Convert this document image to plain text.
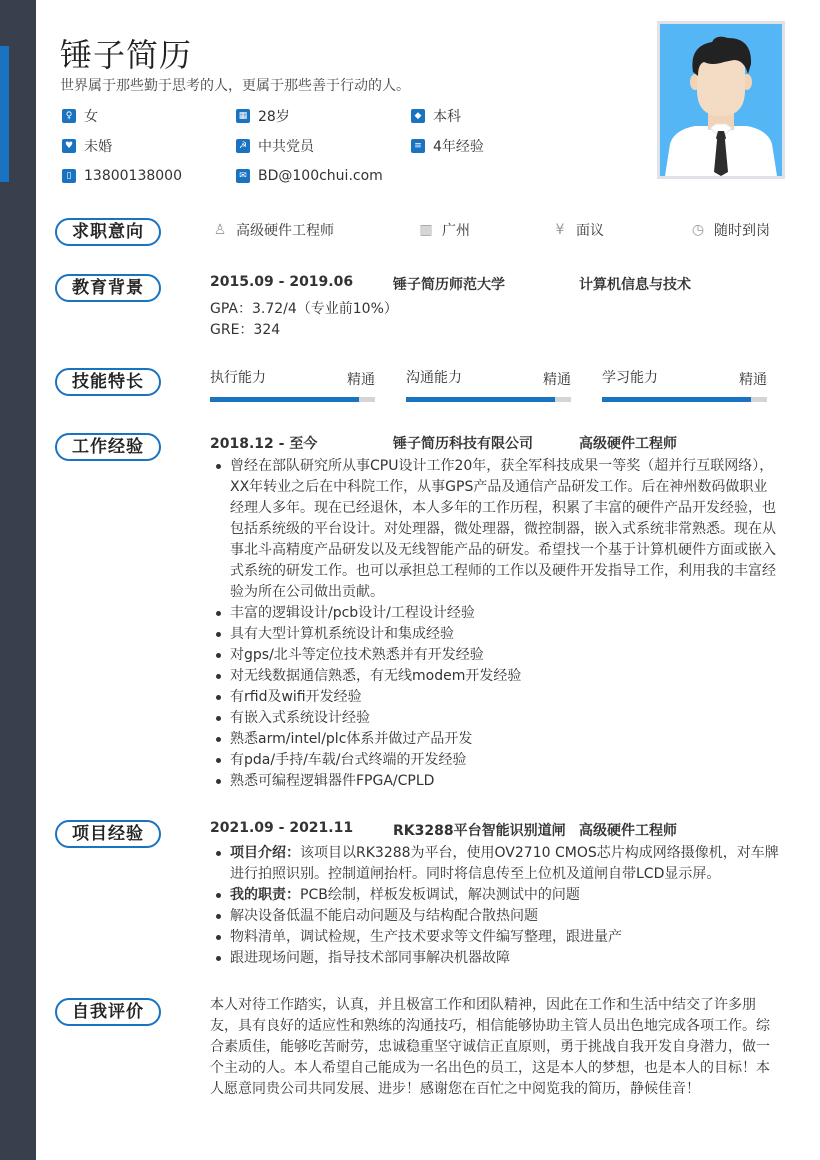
锤子简历
世界属于那些勤于思考的人，更属于那些善于行动的人。
♀ 女	▦ 28岁	◆ 本科
♥ 未婚	☭ 中共党员	≡ 4年经验
▯ 13800138000	✉ BD@100chui.com
求职意向	♙ 高级硬件工程师	▥ 广州	¥ 面议	◷ 随时到岗
教育背景	2015.09 - 2019.06	锤子简历师范大学	计算机信息与技术
GPA：3.72/4（专业前10%）
GRE：324
技能特长	执行能力	精通 沟通能力	精通 学习能力	精通
工作经验	2018.12 - 至今	锤子简历科技有限公司	高级硬件工程师
曾经在部队研究所从事CPU设计工作20年，获全军科技成果一等奖（超并行互联网络），XX年转业之后在中科院工作，从事GPS产品及通信产品研发工作。后在神州数码做职业经理人多年。现在已经退休，本人多年的工作历程，积累了丰富的硬件产品开发经验，也包括系统级的平台设计。对处理器，微处理器，微控制器，嵌入式系统非常熟悉。现在从事北斗高精度产品研发以及无线智能产品的研发。希望找一个基于计算机硬件方面或嵌入式系统的研发工作。也可以承担总工程师的工作以及硬件开发指导工作，利用我的丰富经验为所在公司做出贡献。
丰富的逻辑设计/pcb设计/工程设计经验
具有大型计算机系统设计和集成经验
对gps/北斗等定位技术熟悉并有开发经验
对无线数据通信熟悉，有无线modem开发经验
有rfid及wifi开发经验
有嵌入式系统设计经验
熟悉arm/intel/plc体系并做过产品开发
有pda/手持/车载/台式终端的开发经验
熟悉可编程逻辑器件FPGA/CPLD
项目经验	2021.09 - 2021.11	RK3288平台智能识别道闸 高级硬件工程师
项目介绍：该项目以RK3288为平台，使用OV2710 CMOS芯片构成网络摄像机，对车牌进行拍照识别。控制道闸抬杆。同时将信息传至上位机及道闸自带LCD显示屏。
我的职责：PCB绘制，样板发板调试，解决测试中的问题
解决设备低温不能启动问题及与结构配合散热问题
物料清单，调试检规，生产技术要求等文件编写整理，跟进量产
跟进现场问题，指导技术部同事解决机器故障
自我评价	本人对待工作踏实，认真，并且极富工作和团队精神，因此在工作和生活中结交了许多朋友，具有良好的适应性和熟练的沟通技巧，相信能够协助主管人员出色地完成各项工作。综合素质佳，能够吃苦耐劳，忠诚稳重坚守诚信正直原则，勇于挑战自我开发自身潜力，做一个主动的人。本人希望自己能成为一名出色的员工，这是本人的梦想，也是本人的目标！本人愿意同贵公司共同发展、进步！感谢您在百忙之中阅览我的简历，静候佳音！
